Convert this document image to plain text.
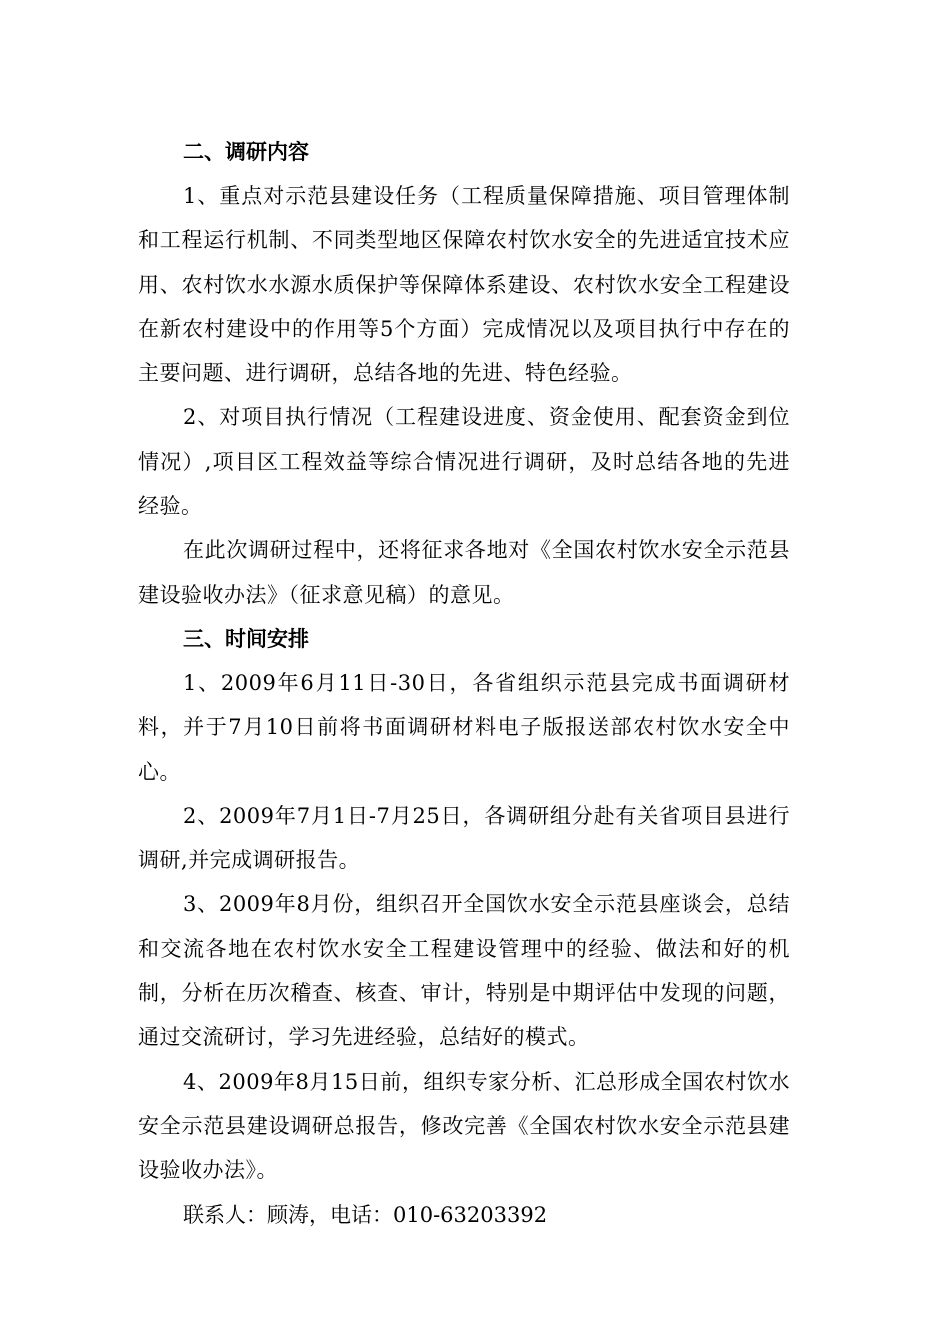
二、调研内容

1、重点对示范县建设任务（工程质量保障措施、项目管理体制和工程运行机制、不同类型地区保障农村饮水安全的先进适宜技术应用、农村饮水水源水质保护等保障体系建设、农村饮水安全工程建设在新农村建设中的作用等5个方面）完成情况以及项目执行中存在的主要问题、进行调研，总结各地的先进、特色经验。

2、对项目执行情况（工程建设进度、资金使用、配套资金到位情况）,项目区工程效益等综合情况进行调研，及时总结各地的先进经验。

在此次调研过程中，还将征求各地对《全国农村饮水安全示范县建设验收办法》（征求意见稿）的意见。

三、时间安排

1、2009年6月11日-30日，各省组织示范县完成书面调研材料，并于7月10日前将书面调研材料电子版报送部农村饮水安全中心。

2、2009年7月1日-7月25日，各调研组分赴有关省项目县进行调研,并完成调研报告。

3、2009年8月份，组织召开全国饮水安全示范县座谈会，总结和交流各地在农村饮水安全工程建设管理中的经验、做法和好的机制，分析在历次稽查、核查、审计，特别是中期评估中发现的问题，通过交流研讨，学习先进经验，总结好的模式。

4、2009年8月15日前，组织专家分析、汇总形成全国农村饮水安全示范县建设调研总报告，修改完善《全国农村饮水安全示范县建设验收办法》。

联系人：顾涛，电话：010-63203392
